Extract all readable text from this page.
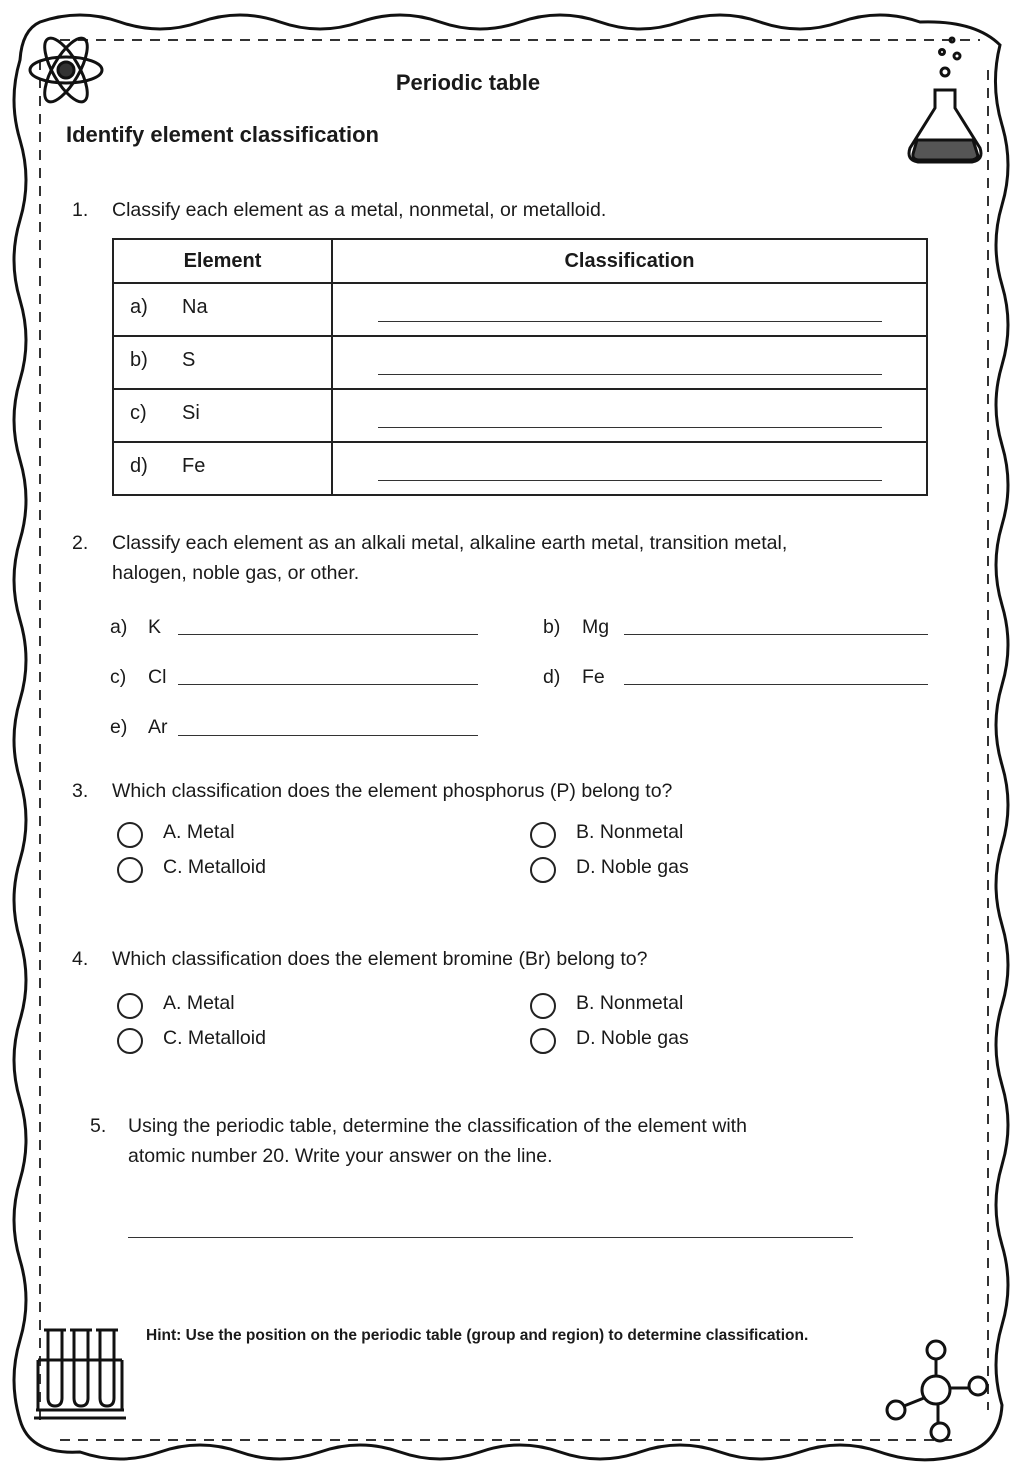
Periodic table
Identify element classification
1. Classify each element as a metal, nonmetal, or metalloid.
Element	Classification

a) Na	

b) S	

c) Si	

d) Fe	

2. Classify each element as an alkali metal, alkaline earth metal, transition metal,
halogen, noble gas, or other.
a) K	b) Mg
c) Cl	d) Fe
e) Ar
3. Which classification does the element phosphorus (P) belong to?
A. Metal	B. Nonmetal
C. Metalloid	D. Noble gas
4. Which classification does the element bromine (Br) belong to?
A. Metal	B. Nonmetal
C. Metalloid	D. Noble gas
5. Using the periodic table, determine the classification of the element with
atomic number 20. Write your answer on the line.
Hint: Use the position on the periodic table (group and region) to determine classification.
